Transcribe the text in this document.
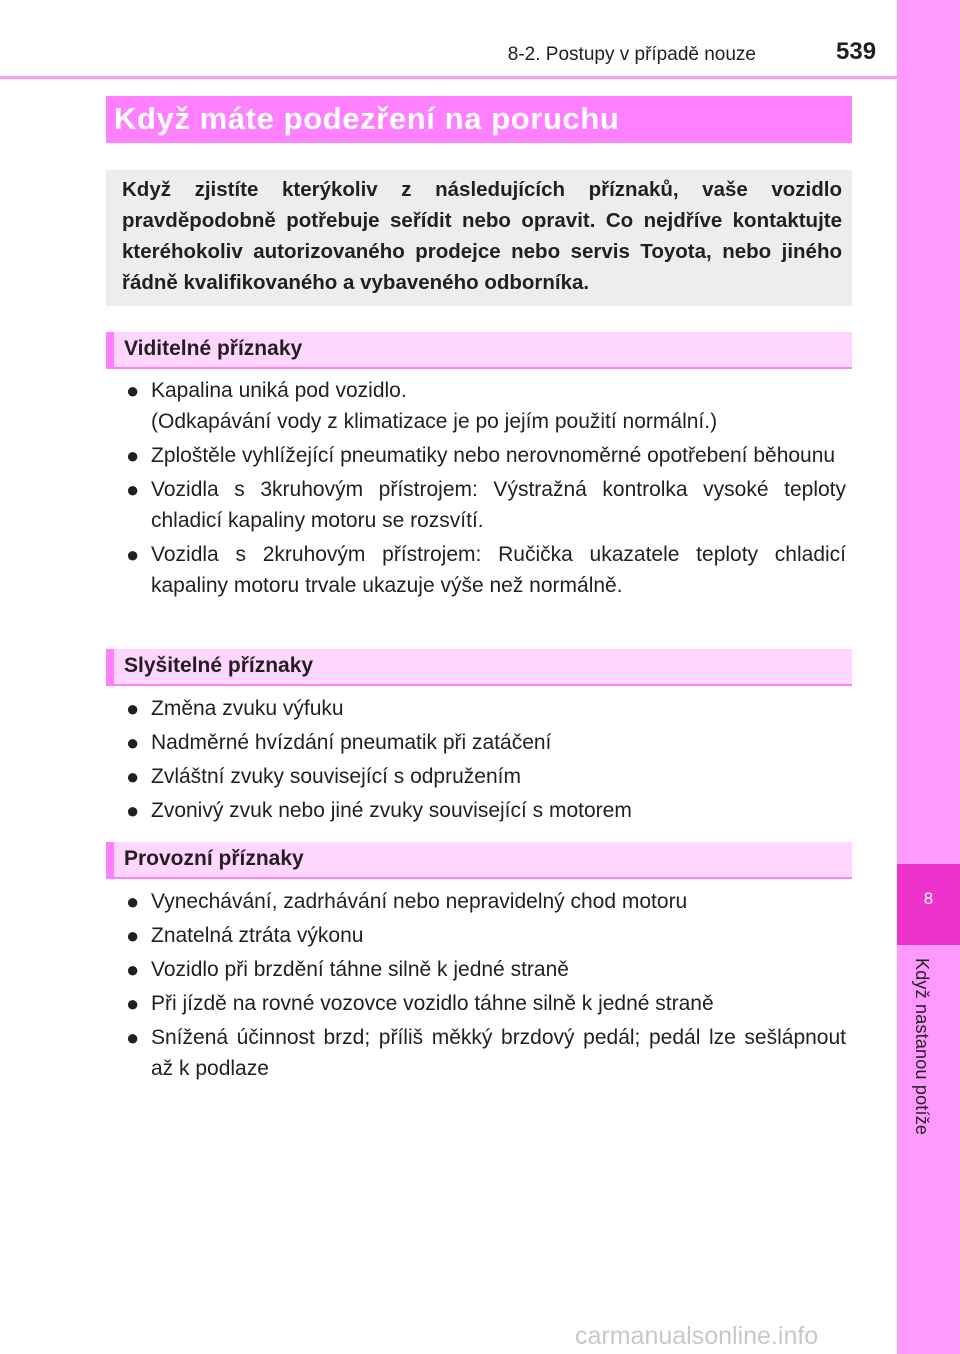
8
Když nastanou potíže
8-2. Postupy v případě nouze	539
Když máte podezření na poruchu

Když zjistíte kterýkoliv z následujících příznaků, vaše vozidlo pravděpodobně potřebuje seřídit nebo opravit. Co nejdříve kontaktujte kteréhokoliv autorizovaného prodejce nebo servis Toyota, nebo jiného řádně kvalifikovaného a vybaveného odborníka.

Viditelné příznaky
● Kapalina uniká pod vozidlo.
(Odkapávání vody z klimatizace je po jejím použití normální.)
● Zploštěle vyhlížející pneumatiky nebo nerovnoměrné opotřebení běhounu
● Vozidla s 3kruhovým přístrojem: Výstražná kontrolka vysoké teploty chladicí kapaliny motoru se rozsvítí.
● Vozidla s 2kruhovým přístrojem: Ručička ukazatele teploty chladicí kapaliny motoru trvale ukazuje výše než normálně.
Slyšitelné příznaky
● Změna zvuku výfuku
● Nadměrné hvízdání pneumatik při zatáčení
● Zvláštní zvuky související s odpružením
● Zvonivý zvuk nebo jiné zvuky související s motorem
Provozní příznaky
● Vynechávání, zadrhávání nebo nepravidelný chod motoru
● Znatelná ztráta výkonu
● Vozidlo při brzdění táhne silně k jedné straně
● Při jízdě na rovné vozovce vozidlo táhne silně k jedné straně
● Snížená účinnost brzd; příliš měkký brzdový pedál; pedál lze sešlápnout až k podlaze
carmanualsonline.info
